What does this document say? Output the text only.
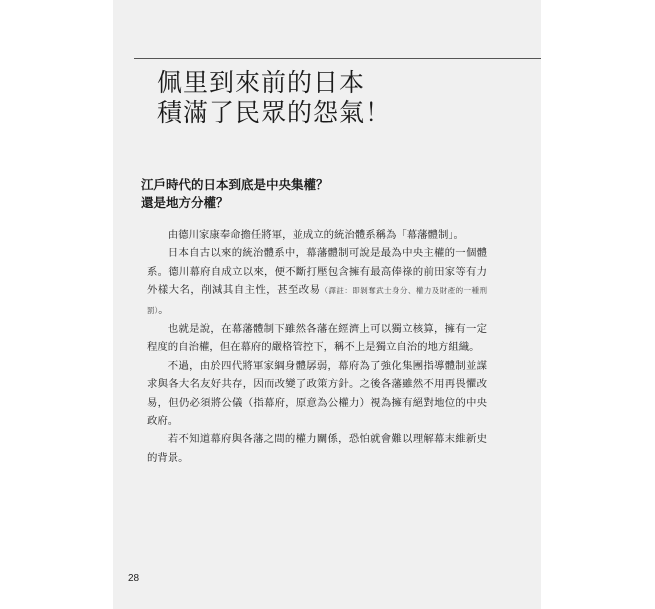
佩里到來前的日本
積滿了民眾的怨氣！
江戶時代的日本到底是中央集權？
還是地方分權？

由德川家康奉命擔任將軍，並成立的統治體系稱為「幕藩體制」。

日本自古以來的統治體系中，幕藩體制可說是最為中央主權的一個體系。德川幕府自成立以來，便不斷打壓包含擁有最高俸祿的前田家等有力外樣大名，削減其自主性，甚至改易（譯註：即剝奪武士身分、權力及財產的一種刑罰）。

也就是說，在幕藩體制下雖然各藩在經濟上可以獨立核算，擁有一定程度的自治權，但在幕府的嚴格管控下，稱不上是獨立自治的地方組織。

不過，由於四代將軍家綱身體孱弱，幕府為了強化集團指導體制並謀求與各大名友好共存，因而改變了政策方針。之後各藩雖然不用再畏懼改易，但仍必須將公儀（指幕府，原意為公權力）視為擁有絕對地位的中央政府。

若不知道幕府與各藩之間的權力關係，恐怕就會難以理解幕末維新史的背景。

28
